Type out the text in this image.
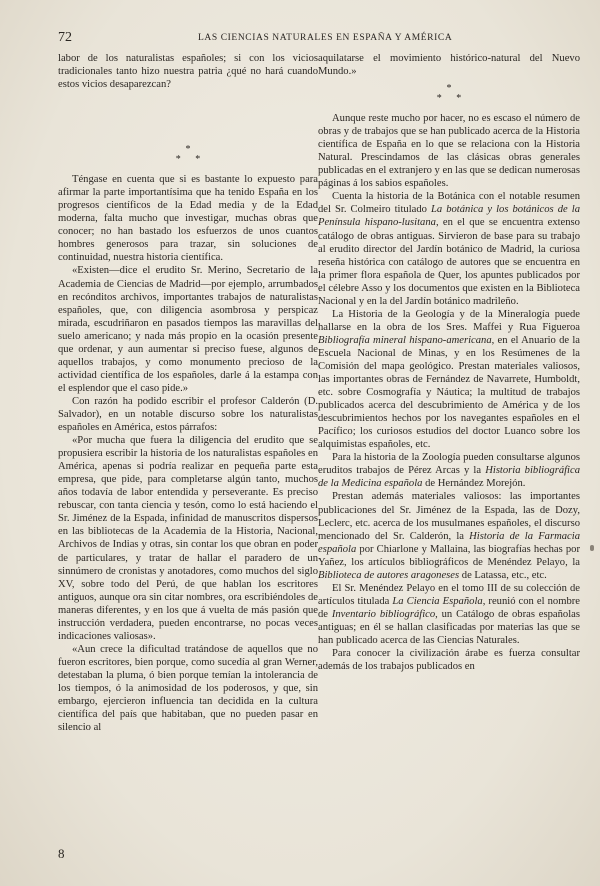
72	LAS CIENCIAS NATURALES EN ESPAÑA Y AMÉRICA

labor de los naturalistas españoles; si con los vicios tradicionales tanto hizo nuestra patria ¿qué no hará cuando estos vicios desaparezcan?

*
* *

Téngase en cuenta que si es bastante lo expuesto para afirmar la parte importantísima que ha tenido España en los progresos científicos de la Edad media y de la Edad moderna, falta mucho que investigar, muchas obras que conocer; no han bastado los esfuerzos de unos cuantos hombres generosos para trazar, sin soluciones de continuidad, nuestra historia científica.

«Existen—dice el erudito Sr. Merino, Secretario de la Academia de Ciencias de Madrid—por ejemplo, arrumbados en recónditos archivos, importantes trabajos de naturalistas españoles, que, con diligencia asombrosa y perspicaz mirada, escudriñaron en pasados tiempos las maravillas del suelo americano; y nada más propio en la ocasión presente que ordenar, y aun aumentar si preciso fuese, algunos de aquellos trabajos, y como monumento precioso de la actividad científica de los españoles, darle á la estampa con el esplendor que el caso pide.»

Con razón ha podido escribir el profesor Calderón (D. Salvador), en un notable discurso sobre los naturalistas españoles en América, estos párrafos:

«Por mucha que fuera la diligencia del erudito que se propusiera escribir la historia de los naturalistas españoles en América, apenas si podría realizar en pequeña parte esta empresa, que pide, para completarse algún tanto, muchos años todavía de labor entendida y perseverante. Es preciso rebuscar, con tanta ciencia y tesón, como lo está haciendo el Sr. Jiménez de la Espada, infinidad de manuscritos dispersos en las bibliotecas de la Academia de la Historia, Nacional, Archivos de Indias y otras, sin contar los que obran en poder de particulares, y tratar de hallar el paradero de un sinnúmero de cronistas y anotadores, como muchos del siglo XV, sobre todo del Perú, de que hablan los escritores antiguos, aunque ora sin citar nombres, ora escribiéndoles de maneras diferentes, y en los que á vuelta de más pasión que instrucción verdadera, pueden encontrarse, no pocas veces indicaciones valiosas».

«Aun crece la dificultad tratándose de aquellos que no fueron escritores, bien porque, como sucedía al gran Werner, detestaban la pluma, ó bien porque temían la intolerancia de los tiempos, ó la animosidad de los poderosos, y que, sin embargo, ejercieron influencia tan decidida en la cultura científica del país que habitaban, que no pueden pasar en silencio al

aquilatarse el movimiento histórico-natural del Nuevo Mundo.»

*
* *

Aunque reste mucho por hacer, no es escaso el número de obras y de trabajos que se han publicado acerca de la Historia científica de España en lo que se relaciona con la Historia Natural. Prescindamos de las clásicas obras generales publicadas en el extranjero y en las que se dedican numerosas páginas á los sabios españoles.

Cuenta la historia de la Botánica con el notable resumen del Sr. Colmeiro titulado La botánica y los botánicos de la Península hispano-lusitana, en el que se encuentra extenso catálogo de obras antiguas. Sirvieron de base para su trabajo al erudito director del Jardín botánico de Madrid, la curiosa reseña histórica con catálogo de autores que se encuentra en la primer flora española de Quer, los apuntes publicados por el célebre Asso y los documentos que existen en la Biblioteca Nacional y en la del Jardín botánico madrileño.

La Historia de la Geología y de la Mineralogía puede hallarse en la obra de los Sres. Maffei y Rua Figueroa Bibliografía mineral hispano-americana, en el Anuario de la Escuela Nacional de Minas, y en los Resúmenes de la Comisión del mapa geológico. Prestan materiales valiosos, las importantes obras de Fernández de Navarrete, Humboldt, etc. sobre Cosmografía y Náutica; la multitud de trabajos publicados acerca del descubrimiento de América y de los descubrimientos hechos por los navegantes españoles en el Pacífico; los curiosos estudios del doctor Luanco sobre los alquimistas españoles, etc.

Para la historia de la Zoología pueden consultarse algunos eruditos trabajos de Pérez Arcas y la Historia bibliográfica de la Medicina española de Hernández Morejón.

Prestan además materiales valiosos: las importantes publicaciones del Sr. Jiménez de la Espada, las de Dozy, Leclerc, etc. acerca de los musulmanes españoles, el discurso mencionado del Sr. Calderón, la Historia de la Farmacia española por Chiarlone y Mallaina, las biografías hechas por Yañez, los artículos bibliográficos de Menéndez Pelayo, la Biblioteca de autores aragoneses de Latassa, etc., etc.

El Sr. Menéndez Pelayo en el tomo III de su colección de artículos titulada La Ciencia Española, reunió con el nombre de Inventario bibliográfico, un Catálogo de obras españolas antiguas; en él se hallan clasificadas por materias las que se han publicado acerca de las Ciencias Naturales.

Para conocer la civilización árabe es fuerza consultar además de los trabajos publicados en

8
